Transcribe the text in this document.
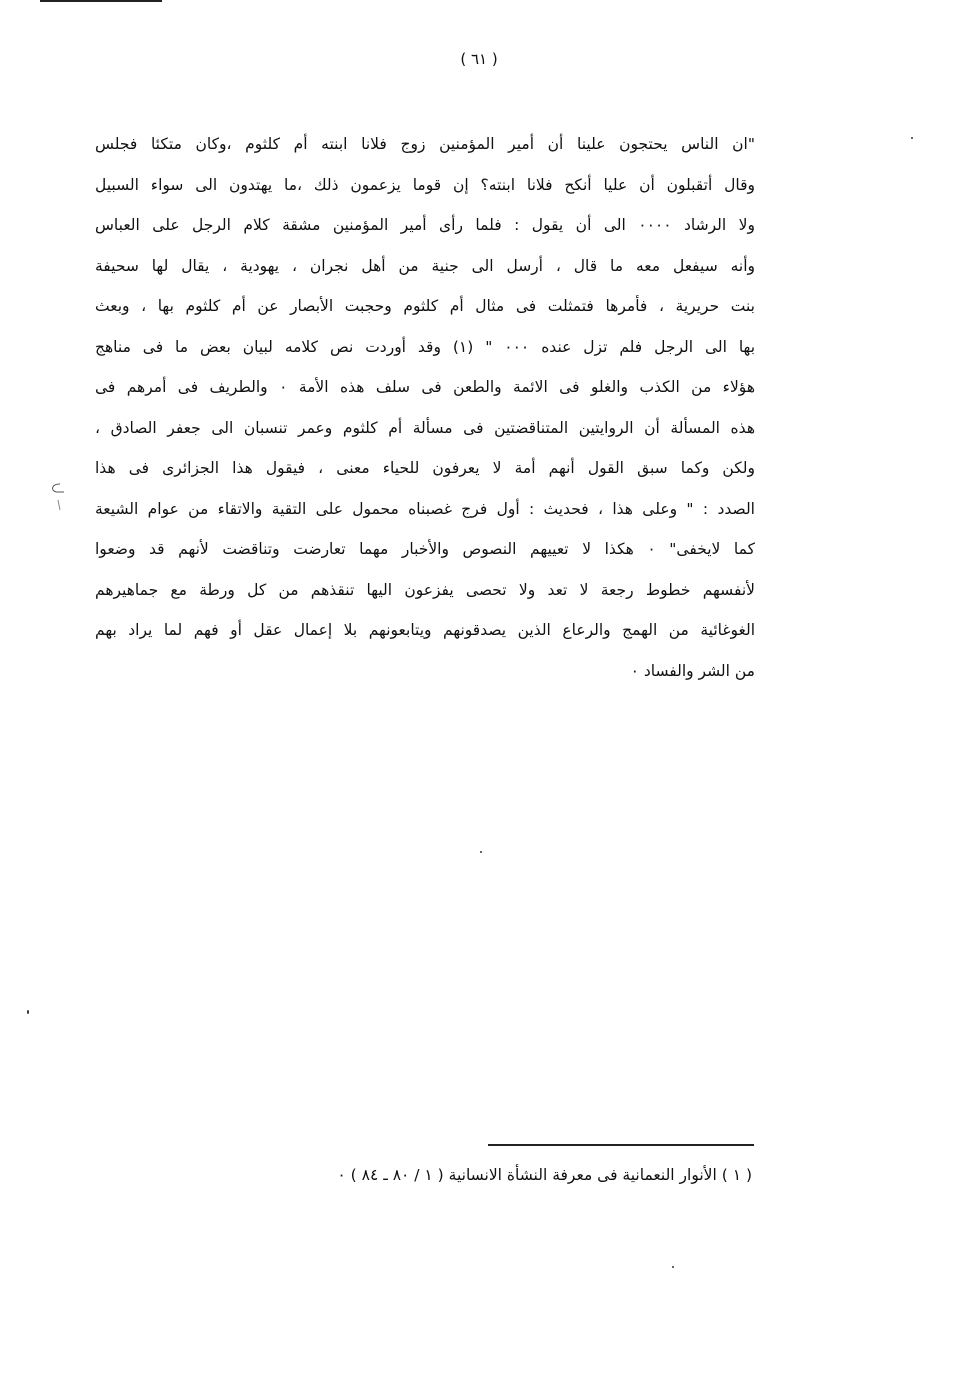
( ٦١ )
"ان الناس يحتجون علينا أن أمير المؤمنين زوج فلانا ابنته أم كلثوم ،وكان متكئا فجلس
وقال أتقبلون أن عليا أنكح فلانا ابنته؟ إن قوما يزعمون ذلك ،ما يهتدون الى سواء السبيل
ولا الرشاد ٠٠٠٠ الى أن يقول : فلما رأى أمير المؤمنين مشقة كلام الرجل على العباس
وأنه سيفعل معه ما قال ، أرسل الى جنية من أهل نجران ، يهودية ، يقال لها سحيفة
بنت حريرية ، فأمرها فتمثلت فى مثال أم كلثوم وحجبت الأبصار عن أم كلثوم بها ، وبعث
بها الى الرجل فلم تزل عنده ٠٠٠ " (١) وقد أوردت نص كلامه لبيان بعض ما فى مناهج
هؤلاء من الكذب والغلو فى الائمة والطعن فى سلف هذه الأمة ٠ والطريف فى أمرهم فى
هذه المسألة أن الروايتين المتناقضتين فى مسألة أم كلثوم وعمر تنسبان الى جعفر الصادق ،
ولكن وكما سبق القول أنهم أمة لا يعرفون للحياء معنى ، فيقول هذا الجزائرى فى هذا
الصدد : " وعلى هذا ، فحديث : أول فرج غصبناه محمول على التقية والاتقاء من عوام الشيعة
كما لايخفى" ٠ هكذا لا تعييهم النصوص والأخبار مهما تعارضت وتناقضت لأنهم قد وضعوا
لأنفسهم خطوط رجعة لا تعد ولا تحصى يفزعون اليها تنقذهم من كل ورطة مع جماهيرهم
الغوغائية من الهمج والرعاع الذين يصدقونهم ويتابعونهم بلا إعمال عقل أو فهم لما يراد بهم
من الشر والفساد ٠
( ١ ) الأنوار النعمانية فى معرفة النشأة الانسانية ( ١ / ٨٠ ـ ٨٤ ) ٠
